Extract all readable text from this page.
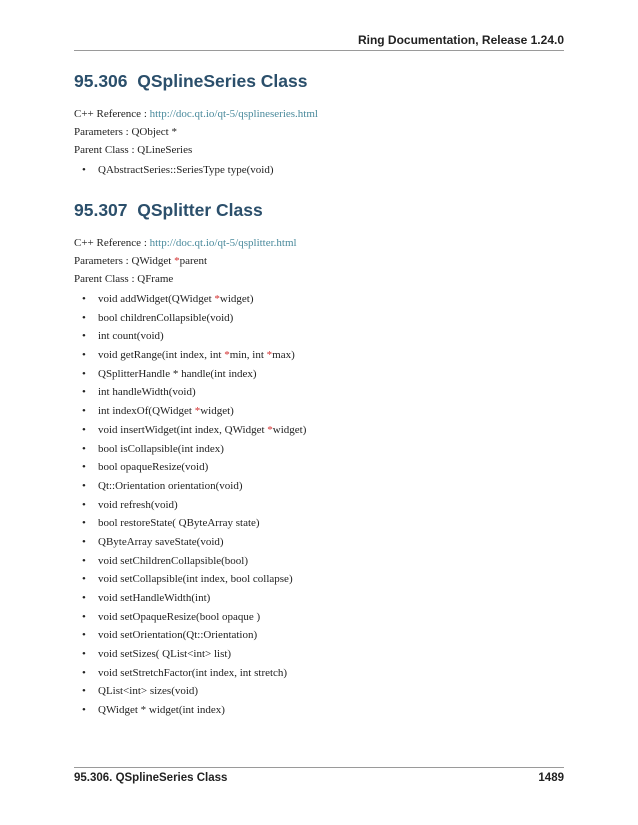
Ring Documentation, Release 1.24.0
95.306 QSplineSeries Class

C++ Reference : http://doc.qt.io/qt-5/qsplineseries.html

Parameters : QObject *

Parent Class : QLineSeries

• QAbstractSeries::SeriesType type(void)
95.307 QSplitter Class

C++ Reference : http://doc.qt.io/qt-5/qsplitter.html

Parameters : QWidget *parent

Parent Class : QFrame

• void addWidget(QWidget *widget)
• bool childrenCollapsible(void)
• int count(void)
• void getRange(int index, int *min, int *max)
• QSplitterHandle * handle(int index)
• int handleWidth(void)
• int indexOf(QWidget *widget)
• void insertWidget(int index, QWidget *widget)
• bool isCollapsible(int index)
• bool opaqueResize(void)
• Qt::Orientation orientation(void)
• void refresh(void)
• bool restoreState( QByteArray state)
• QByteArray saveState(void)
• void setChildrenCollapsible(bool)
• void setCollapsible(int index, bool collapse)
• void setHandleWidth(int)
• void setOpaqueResize(bool opaque )
• void setOrientation(Qt::Orientation)
• void setSizes( QList<int> list)
• void setStretchFactor(int index, int stretch)
• QList<int> sizes(void)
• QWidget * widget(int index)
95.306. QSplineSeries Class	1489
